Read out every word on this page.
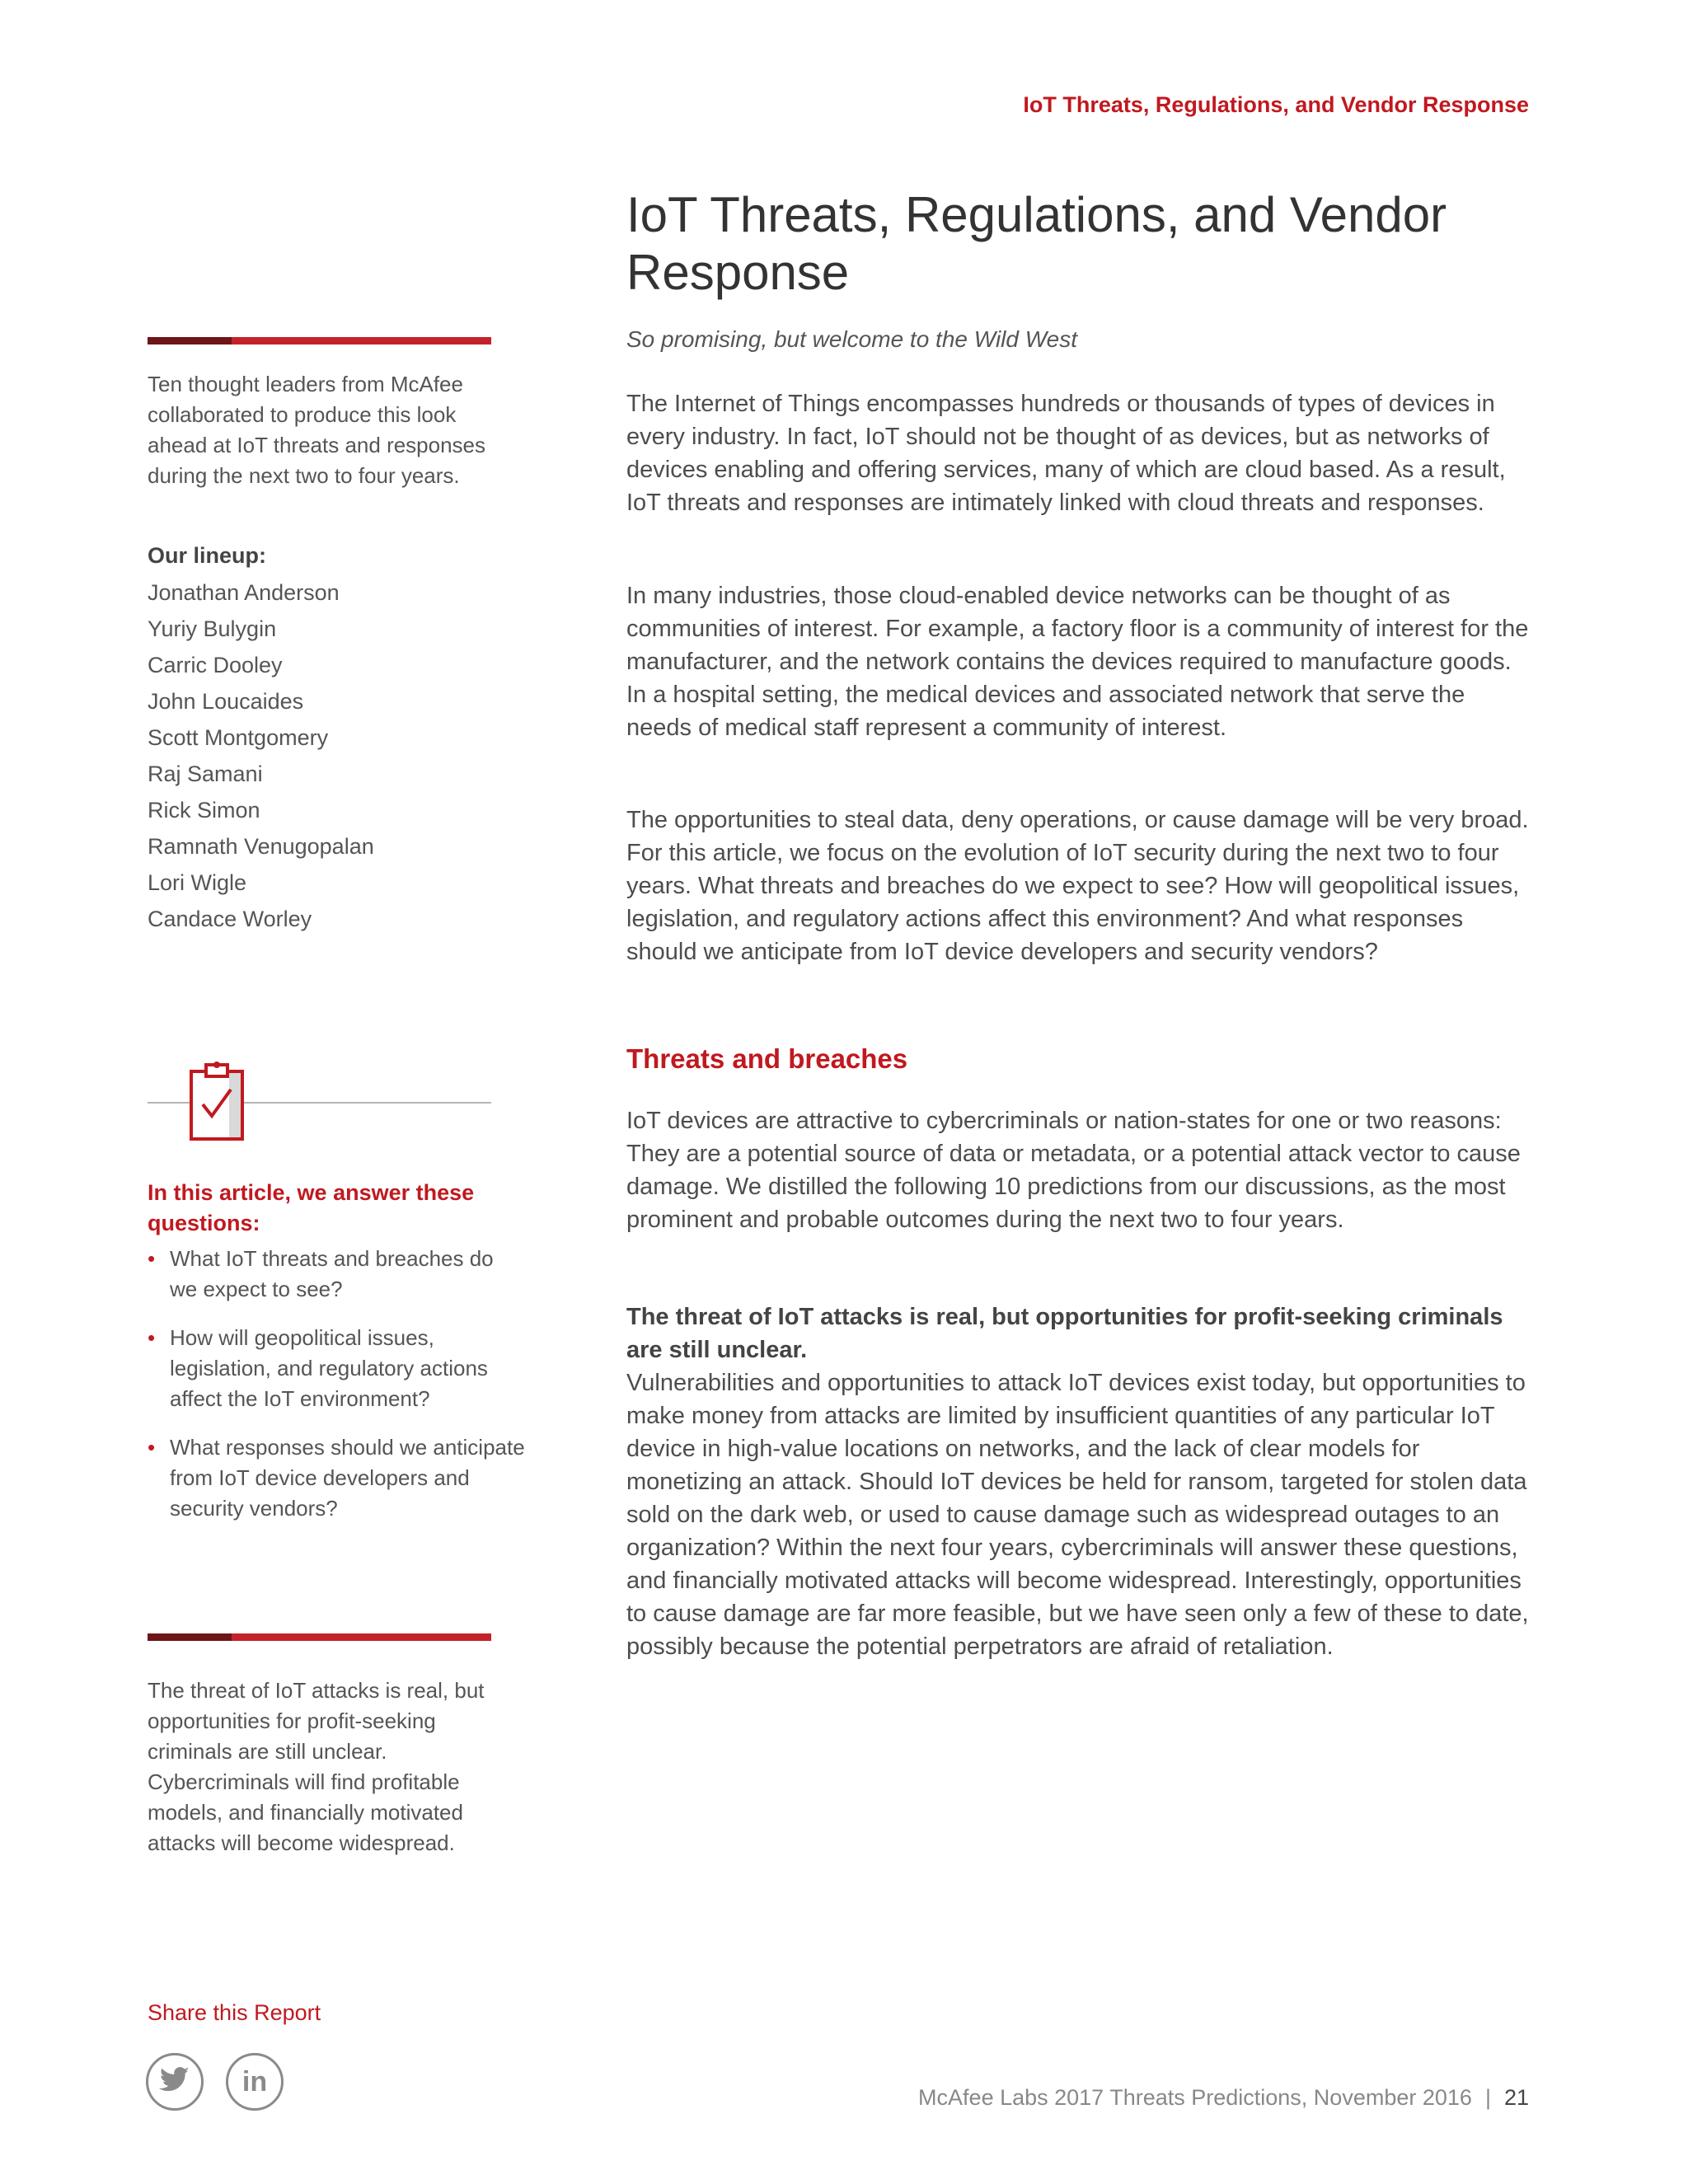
IoT Threats, Regulations, and Vendor Response
Ten thought leaders from McAfee collaborated to produce this look ahead at IoT threats and responses during the next two to four years.
Our lineup:
Jonathan Anderson
Yuriy Bulygin
Carric Dooley
John Loucaides
Scott Montgomery
Raj Samani
Rick Simon
Ramnath Venugopalan
Lori Wigle
Candace Worley
In this article, we answer these questions:
• What IoT threats and breaches do we expect to see?
• How will geopolitical issues, legislation, and regulatory actions affect the IoT environment?
• What responses should we anticipate from IoT device developers and security vendors?
The threat of IoT attacks is real, but opportunities for profit-seeking criminals are still unclear. Cybercriminals will find profitable models, and financially motivated attacks will become widespread.
Share this Report
in
IoT Threats, Regulations, and Vendor Response
So promising, but welcome to the Wild West

The Internet of Things encompasses hundreds or thousands of types of devices in every industry. In fact, IoT should not be thought of as devices, but as networks of devices enabling and offering services, many of which are cloud based. As a result, IoT threats and responses are intimately linked with cloud threats and responses.

In many industries, those cloud-enabled device networks can be thought of as communities of interest. For example, a factory floor is a community of interest for the manufacturer, and the network contains the devices required to manufacture goods. In a hospital setting, the medical devices and associated network that serve the needs of medical staff represent a community of interest.

The opportunities to steal data, deny operations, or cause damage will be very broad. For this article, we focus on the evolution of IoT security during the next two to four years. What threats and breaches do we expect to see? How will geopolitical issues, legislation, and regulatory actions affect this environment? And what responses should we anticipate from IoT device developers and security vendors?

Threats and breaches

IoT devices are attractive to cybercriminals or nation-states for one or two reasons: They are a potential source of data or metadata, or a potential attack vector to cause damage. We distilled the following 10 predictions from our discussions, as the most prominent and probable outcomes during the next two to four years.

The threat of IoT attacks is real, but opportunities for profit-seeking criminals are still unclear.

Vulnerabilities and opportunities to attack IoT devices exist today, but opportunities to make money from attacks are limited by insufficient quantities of any particular IoT device in high-value locations on networks, and the lack of clear models for monetizing an attack. Should IoT devices be held for ransom, targeted for stolen data sold on the dark web, or used to cause damage such as widespread outages to an organization? Within the next four years, cybercriminals will answer these questions, and financially motivated attacks will become widespread. Interestingly, opportunities to cause damage are far more feasible, but we have seen only a few of these to date, possibly because the potential perpetrators are afraid of retaliation.

McAfee Labs 2017 Threats Predictions, November 2016 | 21
